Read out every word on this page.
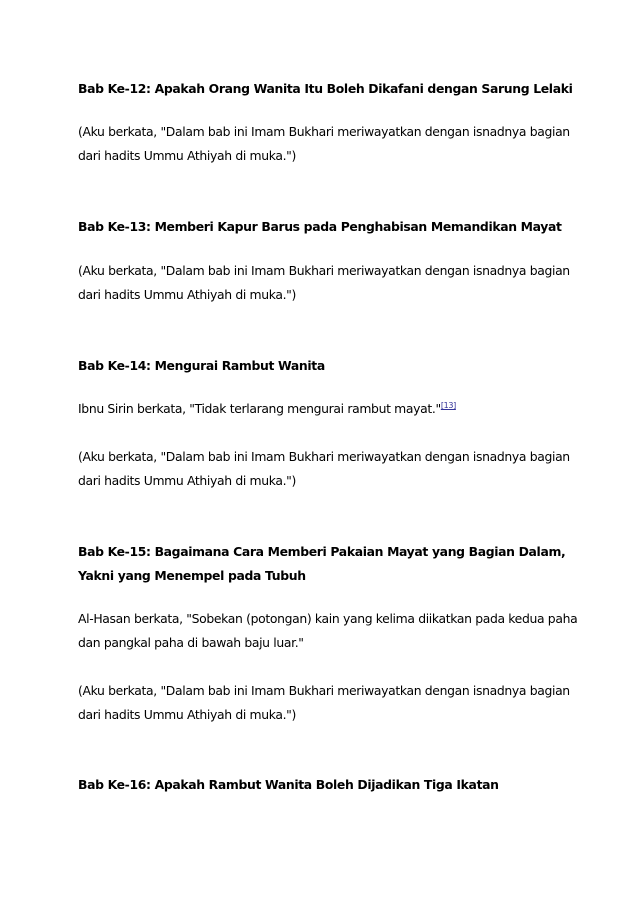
Bab Ke-12: Apakah Orang Wanita Itu Boleh Dikafani dengan Sarung Lelaki

(Aku berkata, "Dalam bab ini Imam Bukhari meriwayatkan dengan isnadnya bagian

dari hadits Ummu Athiyah di muka.")

Bab Ke-13: Memberi Kapur Barus pada Penghabisan Memandikan Mayat

(Aku berkata, "Dalam bab ini Imam Bukhari meriwayatkan dengan isnadnya bagian

dari hadits Ummu Athiyah di muka.")

Bab Ke-14: Mengurai Rambut Wanita

Ibnu Sirin berkata, "Tidak terlarang mengurai rambut mayat."[13]

(Aku berkata, "Dalam bab ini Imam Bukhari meriwayatkan dengan isnadnya bagian

dari hadits Ummu Athiyah di muka.")

Bab Ke-15: Bagaimana Cara Memberi Pakaian Mayat yang Bagian Dalam,

Yakni yang Menempel pada Tubuh

Al-Hasan berkata, "Sobekan (potongan) kain yang kelima diikatkan pada kedua paha

dan pangkal paha di bawah baju luar."

(Aku berkata, "Dalam bab ini Imam Bukhari meriwayatkan dengan isnadnya bagian

dari hadits Ummu Athiyah di muka.")

Bab Ke-16: Apakah Rambut Wanita Boleh Dijadikan Tiga Ikatan
